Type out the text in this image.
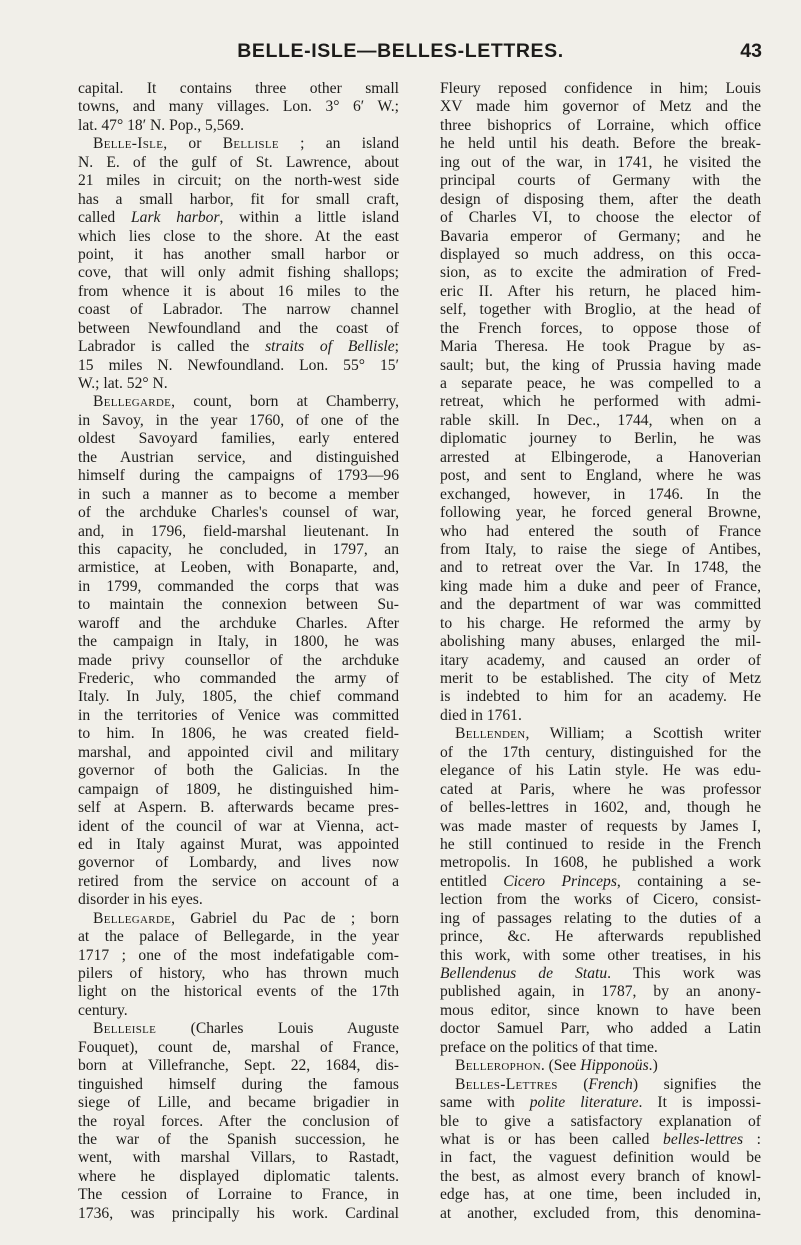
BELLE-ISLE—BELLES-LETTRES.	43
capital. It contains three other small
towns, and many villages. Lon. 3° 6′ W.;
lat. 47° 18′ N. Pop., 5,569.
Belle-Isle, or Bellisle ; an island
N. E. of the gulf of St. Lawrence, about
21 miles in circuit; on the north-west side
has a small harbor, fit for small craft,
called Lark harbor, within a little island
which lies close to the shore. At the east
point, it has another small harbor or
cove, that will only admit fishing shallops;
from whence it is about 16 miles to the
coast of Labrador. The narrow channel
between Newfoundland and the coast of
Labrador is called the straits of Bellisle;
15 miles N. Newfoundland. Lon. 55° 15′
W.; lat. 52° N.
Bellegarde, count, born at Chamberry,
in Savoy, in the year 1760, of one of the
oldest Savoyard families, early entered
the Austrian service, and distinguished
himself during the campaigns of 1793—96
in such a manner as to become a member
of the archduke Charles's counsel of war,
and, in 1796, field-marshal lieutenant. In
this capacity, he concluded, in 1797, an
armistice, at Leoben, with Bonaparte, and,
in 1799, commanded the corps that was
to maintain the connexion between Su-
waroff and the archduke Charles. After
the campaign in Italy, in 1800, he was
made privy counsellor of the archduke
Frederic, who commanded the army of
Italy. In July, 1805, the chief command
in the territories of Venice was committed
to him. In 1806, he was created field-
marshal, and appointed civil and military
governor of both the Galicias. In the
campaign of 1809, he distinguished him-
self at Aspern. B. afterwards became pres-
ident of the council of war at Vienna, act-
ed in Italy against Murat, was appointed
governor of Lombardy, and lives now
retired from the service on account of a
disorder in his eyes.
Bellegarde, Gabriel du Pac de ; born
at the palace of Bellegarde, in the year
1717 ; one of the most indefatigable com-
pilers of history, who has thrown much
light on the historical events of the 17th
century.
Belleisle (Charles Louis Auguste
Fouquet), count de, marshal of France,
born at Villefranche, Sept. 22, 1684, dis-
tinguished himself during the famous
siege of Lille, and became brigadier in
the royal forces. After the conclusion of
the war of the Spanish succession, he
went, with marshal Villars, to Rastadt,
where he displayed diplomatic talents.
The cession of Lorraine to France, in
1736, was principally his work. Cardinal
Fleury reposed confidence in him; Louis
XV made him governor of Metz and the
three bishoprics of Lorraine, which office
he held until his death. Before the break-
ing out of the war, in 1741, he visited the
principal courts of Germany with the
design of disposing them, after the death
of Charles VI, to choose the elector of
Bavaria emperor of Germany; and he
displayed so much address, on this occa-
sion, as to excite the admiration of Fred-
eric II. After his return, he placed him-
self, together with Broglio, at the head of
the French forces, to oppose those of
Maria Theresa. He took Prague by as-
sault; but, the king of Prussia having made
a separate peace, he was compelled to a
retreat, which he performed with admi-
rable skill. In Dec., 1744, when on a
diplomatic journey to Berlin, he was
arrested at Elbingerode, a Hanoverian
post, and sent to England, where he was
exchanged, however, in 1746. In the
following year, he forced general Browne,
who had entered the south of France
from Italy, to raise the siege of Antibes,
and to retreat over the Var. In 1748, the
king made him a duke and peer of France,
and the department of war was committed
to his charge. He reformed the army by
abolishing many abuses, enlarged the mil-
itary academy, and caused an order of
merit to be established. The city of Metz
is indebted to him for an academy. He
died in 1761.
Bellenden, William; a Scottish writer
of the 17th century, distinguished for the
elegance of his Latin style. He was edu-
cated at Paris, where he was professor
of belles-lettres in 1602, and, though he
was made master of requests by James I,
he still continued to reside in the French
metropolis. In 1608, he published a work
entitled Cicero Princeps, containing a se-
lection from the works of Cicero, consist-
ing of passages relating to the duties of a
prince, &c. He afterwards republished
this work, with some other treatises, in his
Bellendenus de Statu. This work was
published again, in 1787, by an anony-
mous editor, since known to have been
doctor Samuel Parr, who added a Latin
preface on the politics of that time.
Bellerophon. (See Hipponoüs.)
Belles-Lettres (French) signifies the
same with polite literature. It is impossi-
ble to give a satisfactory explanation of
what is or has been called belles-lettres :
in fact, the vaguest definition would be
the best, as almost every branch of knowl-
edge has, at one time, been included in,
at another, excluded from, this denomina-
